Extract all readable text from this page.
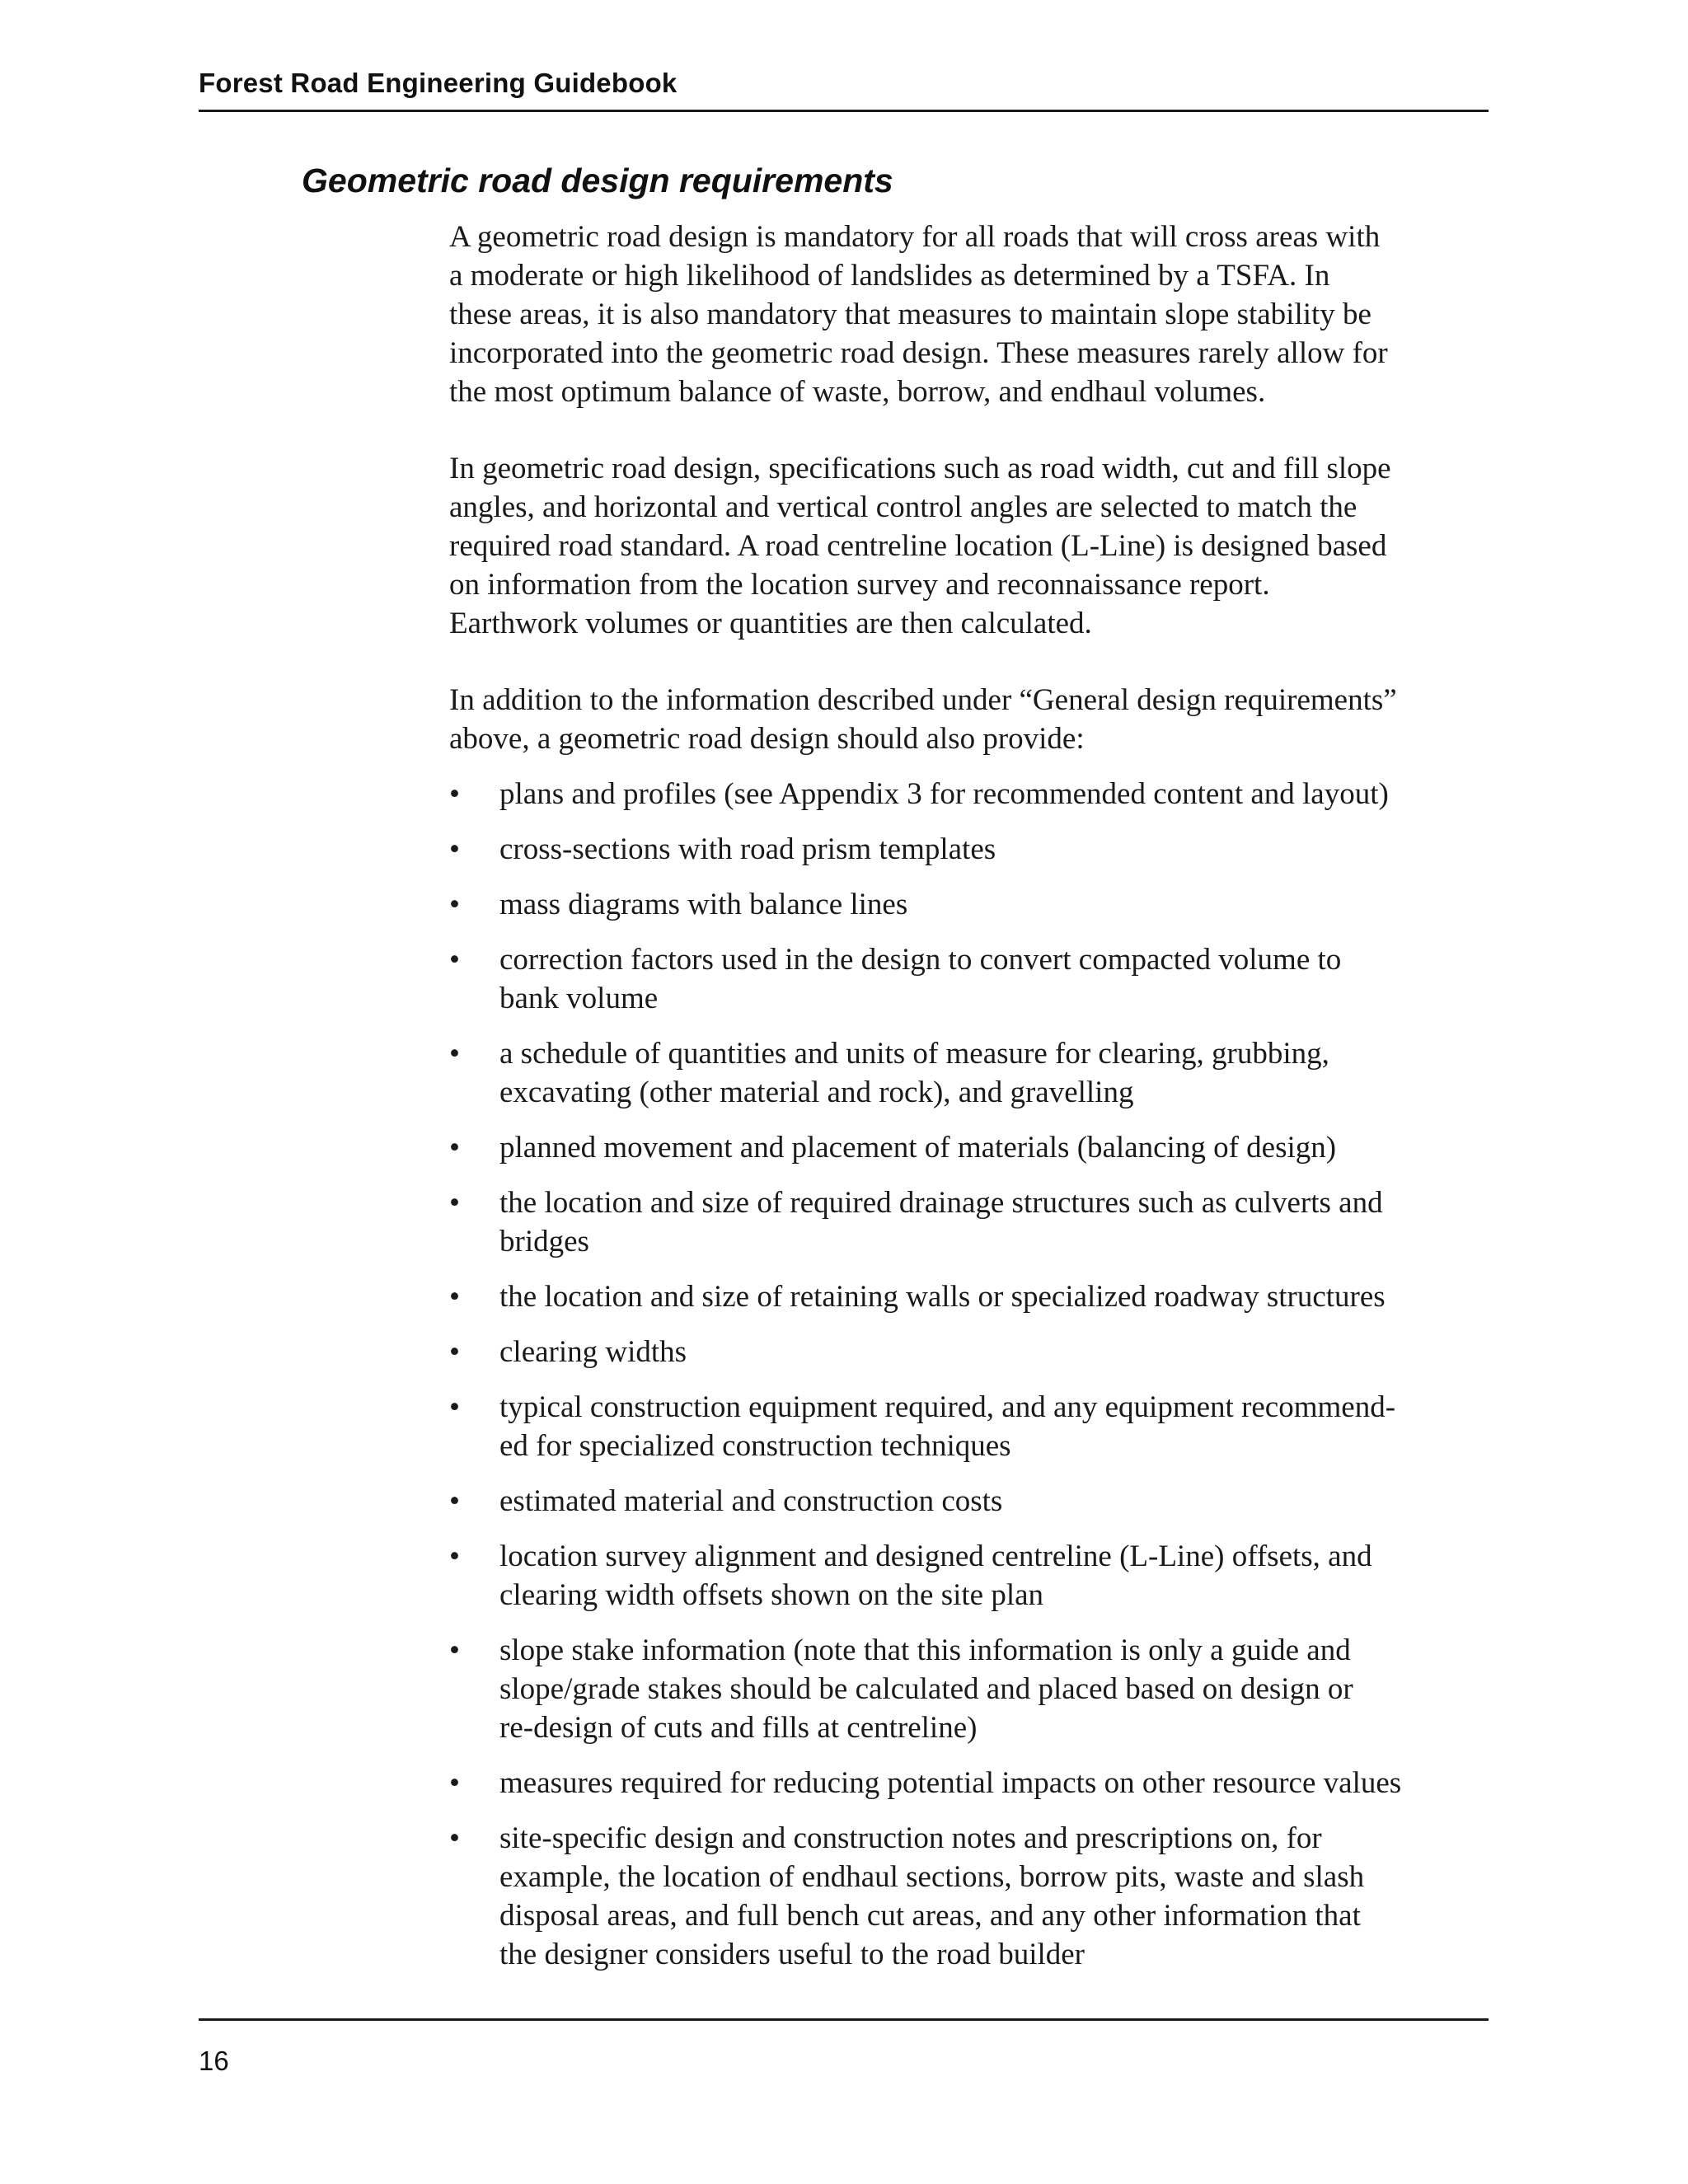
Forest Road Engineering Guidebook
Geometric road design requirements

A geometric road design is mandatory for all roads that will cross areas with
a moderate or high likelihood of landslides as determined by a TSFA. In
these areas, it is also mandatory that measures to maintain slope stability be
incorporated into the geometric road design. These measures rarely allow for
the most optimum balance of waste, borrow, and endhaul volumes.

In geometric road design, specifications such as road width, cut and fill slope
angles, and horizontal and vertical control angles are selected to match the
required road standard. A road centreline location (L-Line) is designed based
on information from the location survey and reconnaissance report.
Earthwork volumes or quantities are then calculated.

In addition to the information described under “General design requirements”
above, a geometric road design should also provide:

• plans and profiles (see Appendix 3 for recommended content and layout)
• cross-sections with road prism templates
• mass diagrams with balance lines
• correction factors used in the design to convert compacted volume to
bank volume
• a schedule of quantities and units of measure for clearing, grubbing,
excavating (other material and rock), and gravelling
• planned movement and placement of materials (balancing of design)
• the location and size of required drainage structures such as culverts and
bridges
• the location and size of retaining walls or specialized roadway structures
• clearing widths
• typical construction equipment required, and any equipment recommend-
ed for specialized construction techniques
• estimated material and construction costs
• location survey alignment and designed centreline (L-Line) offsets, and
clearing width offsets shown on the site plan
• slope stake information (note that this information is only a guide and
slope/grade stakes should be calculated and placed based on design or
re-design of cuts and fills at centreline)
• measures required for reducing potential impacts on other resource values
• site-specific design and construction notes and prescriptions on, for
example, the location of endhaul sections, borrow pits, waste and slash
disposal areas, and full bench cut areas, and any other information that
the designer considers useful to the road builder
16
